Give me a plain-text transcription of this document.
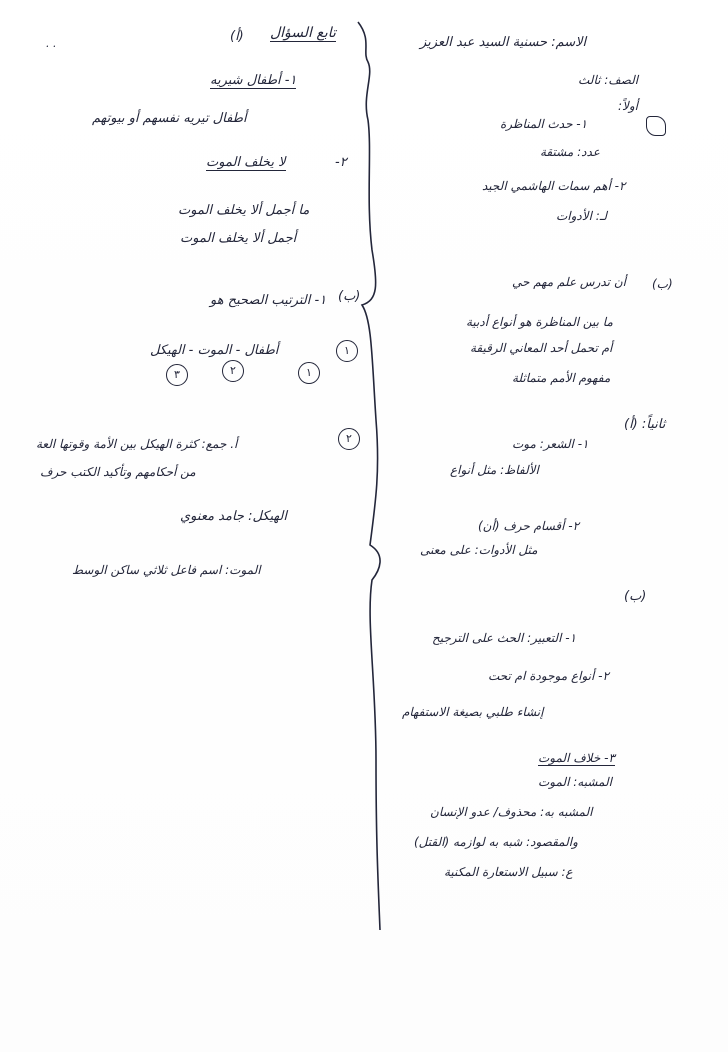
. .
تابع السؤال
(أ)
١- أطفال شيريه
أطفال تيريه نفسهم أو بيوتهم
٢-
لا يخلف الموت
ما أجمل ألا يخلف الموت
أجمل ألا يخلف الموت
(ب)
١- الترتيب الصحيح هو
١
أطفال - الموت - الهيكل
٣	٢	١
٢
أ. جمع: كثرة الهيكل بين الأمة وقوتها العة
من أحكامهم وتأكيد الكتب حرف
الهيكل: جامد معنوي
الموت: اسم فاعل ثلاثي ساكن الوسط
الاسم: حسنية السيد عبد العزيز
الصف: ثالث
أولاً:
١- حدث المناظرة
عدد: مشتقة
٢- أهم سمات الهاشمي الجيد
لـ: الأدوات
أن تدرس علم مهم حي (ب)
ما بين المناظرة هو أنواع أدبية
أم تحمل أحد المعاني الرقيقة
مفهوم الأمم متماثلة
ثانياً: (أ)
١- الشعر: موت
الألفاظ: مثل أنواع
٢- أقسام حرف (أن)
مثل الأدوات: على معنى
(ب)
١- التعبير: الحث على الترجيح
٢- أنواع موجودة ام تحت
إنشاء طلبي بصيغة الاستفهام
٣- خلاف الموت
المشبه: الموت
المشبه به: محذوف/ عدو الإنسان
والمقصود: شبه به لوازمه (القتل)
ع: سبيل الاستعارة المكنية
